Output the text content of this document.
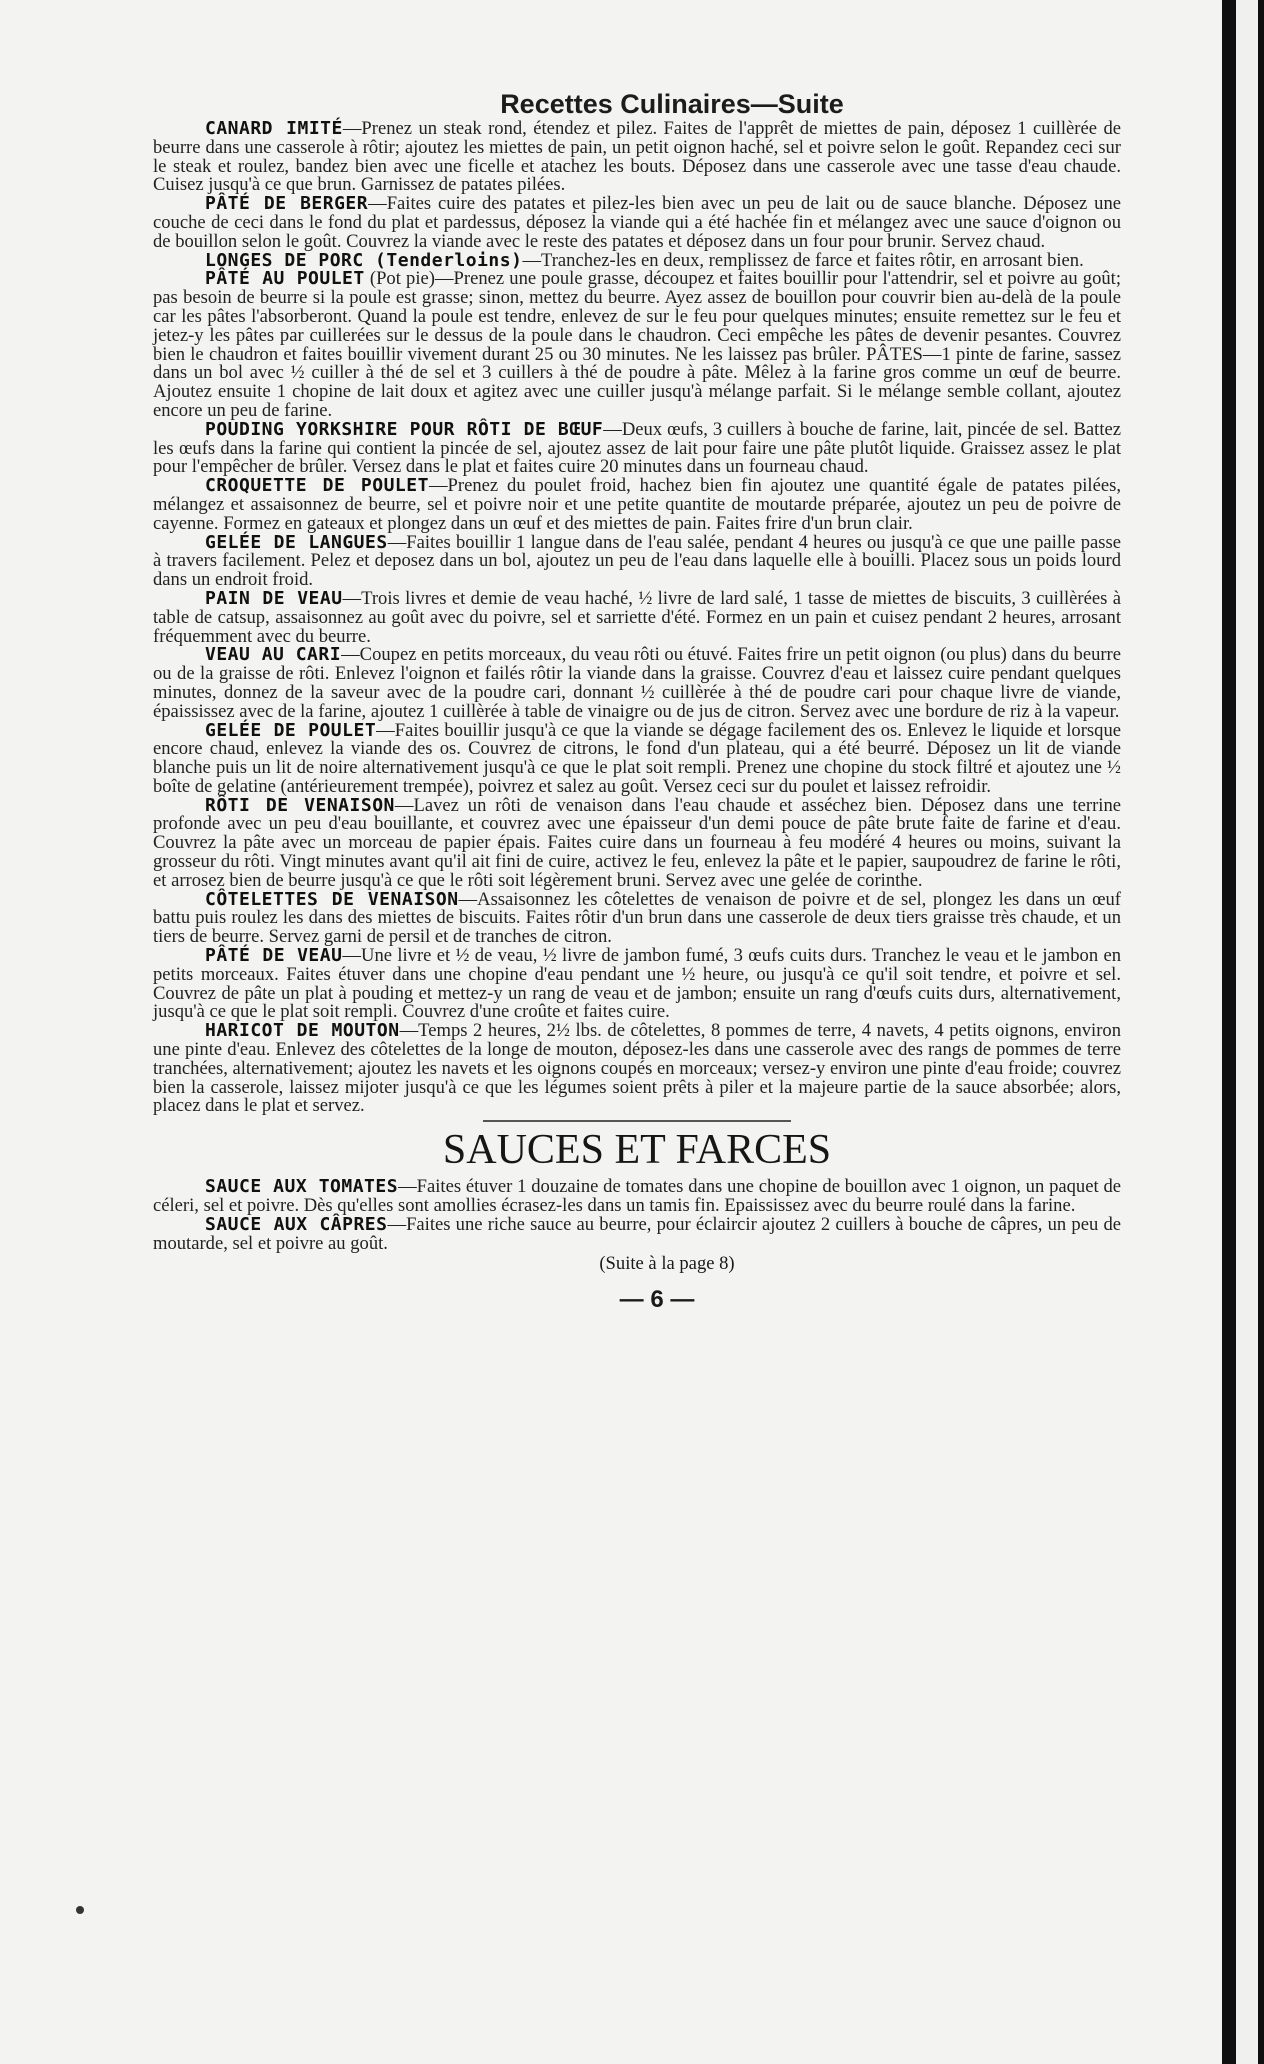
Recettes Culinaires—Suite

CANARD IMITÉ—Prenez un steak rond, étendez et pilez. Faites de l'apprêt de miettes de pain, déposez 1 cuillèrée de beurre dans une casserole à rôtir; ajoutez les miettes de pain, un petit oignon haché, sel et poivre selon le goût. Repandez ceci sur le steak et roulez, bandez bien avec une ficelle et atachez les bouts. Déposez dans une casserole avec une tasse d'eau chaude. Cuisez jusqu'à ce que brun. Garnissez de patates pilées.

PÂTÉ DE BERGER—Faites cuire des patates et pilez-les bien avec un peu de lait ou de sauce blanche. Déposez une couche de ceci dans le fond du plat et pardessus, déposez la viande qui a été hachée fin et mélangez avec une sauce d'oignon ou de bouillon selon le goût. Couvrez la viande avec le reste des patates et déposez dans un four pour brunir. Servez chaud.

LONGES DE PORC (Tenderloins)—Tranchez-les en deux, remplissez de farce et faites rôtir, en arrosant bien.

PÂTÉ AU POULET (Pot pie)—Prenez une poule grasse, découpez et faites bouillir pour l'attendrir, sel et poivre au goût; pas besoin de beurre si la poule est grasse; sinon, mettez du beurre. Ayez assez de bouillon pour couvrir bien au-delà de la poule car les pâtes l'absorberont. Quand la poule est tendre, enlevez de sur le feu pour quelques minutes; ensuite remettez sur le feu et jetez-y les pâtes par cuillerées sur le dessus de la poule dans le chaudron. Ceci empêche les pâtes de devenir pesantes. Couvrez bien le chaudron et faites bouillir vivement durant 25 ou 30 minutes. Ne les laissez pas brûler. PÂTES—1 pinte de farine, sassez dans un bol avec ½ cuiller à thé de sel et 3 cuillers à thé de poudre à pâte. Mêlez à la farine gros comme un œuf de beurre. Ajoutez ensuite 1 chopine de lait doux et agitez avec une cuiller jusqu'à mélange parfait. Si le mélange semble collant, ajoutez encore un peu de farine.

POUDING YORKSHIRE POUR RÔTI DE BŒUF—Deux œufs, 3 cuillers à bouche de farine, lait, pincée de sel. Battez les œufs dans la farine qui contient la pincée de sel, ajoutez assez de lait pour faire une pâte plutôt liquide. Graissez assez le plat pour l'empêcher de brûler. Versez dans le plat et faites cuire 20 minutes dans un fourneau chaud.

CROQUETTE DE POULET—Prenez du poulet froid, hachez bien fin ajoutez une quantité égale de patates pilées, mélangez et assaisonnez de beurre, sel et poivre noir et une petite quantite de moutarde préparée, ajoutez un peu de poivre de cayenne. Formez en gateaux et plongez dans un œuf et des miettes de pain. Faites frire d'un brun clair.

GELÉE DE LANGUES—Faites bouillir 1 langue dans de l'eau salée, pendant 4 heures ou jusqu'à ce que une paille passe à travers facilement. Pelez et deposez dans un bol, ajoutez un peu de l'eau dans laquelle elle à bouilli. Placez sous un poids lourd dans un endroit froid.

PAIN DE VEAU—Trois livres et demie de veau haché, ½ livre de lard salé, 1 tasse de miettes de biscuits, 3 cuillèrées à table de catsup, assaisonnez au goût avec du poivre, sel et sarriette d'été. Formez en un pain et cuisez pendant 2 heures, arrosant fréquemment avec du beurre.

VEAU AU CARI—Coupez en petits morceaux, du veau rôti ou étuvé. Faites frire un petit oignon (ou plus) dans du beurre ou de la graisse de rôti. Enlevez l'oignon et failés rôtir la viande dans la graisse. Couvrez d'eau et laissez cuire pendant quelques minutes, donnez de la saveur avec de la poudre cari, donnant ½ cuillèrée à thé de poudre cari pour chaque livre de viande, épaississez avec de la farine, ajoutez 1 cuillèrée à table de vinaigre ou de jus de citron. Servez avec une bordure de riz à la vapeur.

GELÉE DE POULET—Faites bouillir jusqu'à ce que la viande se dégage facilement des os. Enlevez le liquide et lorsque encore chaud, enlevez la viande des os. Couvrez de citrons, le fond d'un plateau, qui a été beurré. Déposez un lit de viande blanche puis un lit de noire alternativement jusqu'à ce que le plat soit rempli. Prenez une chopine du stock filtré et ajoutez une ½ boîte de gelatine (antérieurement trempée), poivrez et salez au goût. Versez ceci sur du poulet et laissez refroidir.

RÔTI DE VENAISON—Lavez un rôti de venaison dans l'eau chaude et asséchez bien. Déposez dans une terrine profonde avec un peu d'eau bouillante, et couvrez avec une épaisseur d'un demi pouce de pâte brute faite de farine et d'eau. Couvrez la pâte avec un morceau de papier épais. Faites cuire dans un fourneau à feu modéré 4 heures ou moins, suivant la grosseur du rôti. Vingt minutes avant qu'il ait fini de cuire, activez le feu, enlevez la pâte et le papier, saupoudrez de farine le rôti, et arrosez bien de beurre jusqu'à ce que le rôti soit légèrement bruni. Servez avec une gelée de corinthe.

CÔTELETTES DE VENAISON—Assaisonnez les côtelettes de venaison de poivre et de sel, plongez les dans un œuf battu puis roulez les dans des miettes de biscuits. Faites rôtir d'un brun dans une casserole de deux tiers graisse très chaude, et un tiers de beurre. Servez garni de persil et de tranches de citron.

PÂTÉ DE VEAU—Une livre et ½ de veau, ½ livre de jambon fumé, 3 œufs cuits durs. Tranchez le veau et le jambon en petits morceaux. Faites étuver dans une chopine d'eau pendant une ½ heure, ou jusqu'à ce qu'il soit tendre, et poivre et sel. Couvrez de pâte un plat à pouding et mettez-y un rang de veau et de jambon; ensuite un rang d'œufs cuits durs, alternativement, jusqu'à ce que le plat soit rempli. Couvrez d'une croûte et faites cuire.

HARICOT DE MOUTON—Temps 2 heures, 2½ lbs. de côtelettes, 8 pommes de terre, 4 navets, 4 petits oignons, environ une pinte d'eau. Enlevez des côtelettes de la longe de mouton, déposez-les dans une casserole avec des rangs de pommes de terre tranchées, alternativement; ajoutez les navets et les oignons coupés en morceaux; versez-y environ une pinte d'eau froide; couvrez bien la casserole, laissez mijoter jusqu'à ce que les légumes soient prêts à piler et la majeure partie de la sauce absorbée; alors, placez dans le plat et servez.

SAUCES ET FARCES

SAUCE AUX TOMATES—Faites étuver 1 douzaine de tomates dans une chopine de bouillon avec 1 oignon, un paquet de céleri, sel et poivre. Dès qu'elles sont amollies écrasez-les dans un tamis fin. Epaississez avec du beurre roulé dans la farine.

SAUCE AUX CÂPRES—Faites une riche sauce au beurre, pour éclaircir ajoutez 2 cuillers à bouche de câpres, un peu de moutarde, sel et poivre au goût.

(Suite à la page 8)
— 6 —
